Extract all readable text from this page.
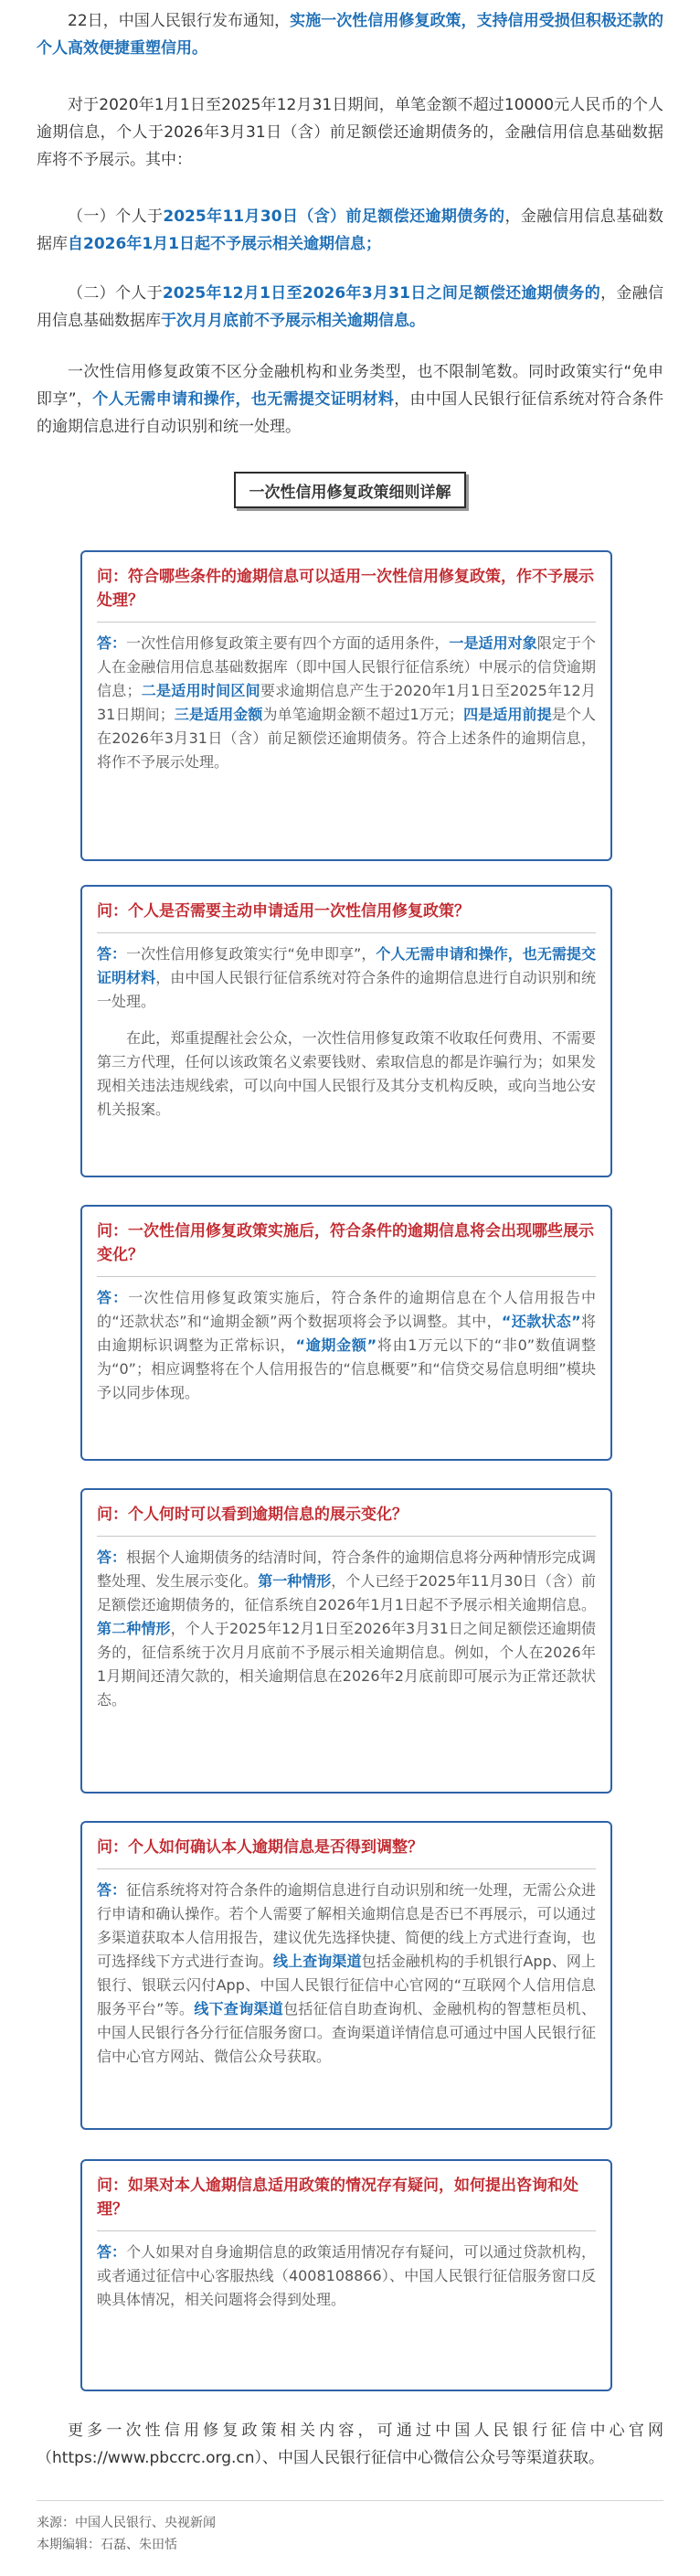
22日，中国人民银行发布通知，实施一次性信用修复政策，支持信用受损但积极还款的个人高效便捷重塑信用。

对于2020年1月1日至2025年12月31日期间，单笔金额不超过10000元人民币的个人逾期信息，个人于2026年3月31日（含）前足额偿还逾期债务的，金融信用信息基础数据库将不予展示。其中：

（一）个人于2025年11月30日（含）前足额偿还逾期债务的，金融信用信息基础数据库自2026年1月1日起不予展示相关逾期信息；

（二）个人于2025年12月1日至2026年3月31日之间足额偿还逾期债务的，金融信用信息基础数据库于次月月底前不予展示相关逾期信息。

一次性信用修复政策不区分金融机构和业务类型，也不限制笔数。同时政策实行“免申即享”，个人无需申请和操作，也无需提交证明材料，由中国人民银行征信系统对符合条件的逾期信息进行自动识别和统一处理。

一次性信用修复政策细则详解

问：符合哪些条件的逾期信息可以适用一次性信用修复政策，作不予展示处理？

答：一次性信用修复政策主要有四个方面的适用条件，一是适用对象限定于个人在金融信用信息基础数据库（即中国人民银行征信系统）中展示的信贷逾期信息；二是适用时间区间要求逾期信息产生于2020年1月1日至2025年12月31日期间；三是适用金额为单笔逾期金额不超过1万元；四是适用前提是个人在2026年3月31日（含）前足额偿还逾期债务。符合上述条件的逾期信息，将作不予展示处理。

问：个人是否需要主动申请适用一次性信用修复政策？

答：一次性信用修复政策实行“免申即享”，个人无需申请和操作，也无需提交证明材料，由中国人民银行征信系统对符合条件的逾期信息进行自动识别和统一处理。

在此，郑重提醒社会公众，一次性信用修复政策不收取任何费用、不需要第三方代理，任何以该政策名义索要钱财、索取信息的都是诈骗行为；如果发现相关违法违规线索，可以向中国人民银行及其分支机构反映，或向当地公安机关报案。

问：一次性信用修复政策实施后，符合条件的逾期信息将会出现哪些展示变化？

答：一次性信用修复政策实施后，符合条件的逾期信息在个人信用报告中的“还款状态”和“逾期金额”两个数据项将会予以调整。其中，“还款状态”将由逾期标识调整为正常标识，“逾期金额”将由1万元以下的“非0”数值调整为“0”；相应调整将在个人信用报告的“信息概要”和“信贷交易信息明细”模块予以同步体现。

问：个人何时可以看到逾期信息的展示变化？

答：根据个人逾期债务的结清时间，符合条件的逾期信息将分两种情形完成调整处理、发生展示变化。第一种情形，个人已经于2025年11月30日（含）前足额偿还逾期债务的，征信系统自2026年1月1日起不予展示相关逾期信息。第二种情形，个人于2025年12月1日至2026年3月31日之间足额偿还逾期债务的，征信系统于次月月底前不予展示相关逾期信息。例如，个人在2026年1月期间还清欠款的，相关逾期信息在2026年2月底前即可展示为正常还款状态。

问：个人如何确认本人逾期信息是否得到调整？

答：征信系统将对符合条件的逾期信息进行自动识别和统一处理，无需公众进行申请和确认操作。若个人需要了解相关逾期信息是否已不再展示，可以通过多渠道获取本人信用报告，建议优先选择快捷、简便的线上方式进行查询，也可选择线下方式进行查询。线上查询渠道包括金融机构的手机银行App、网上银行、银联云闪付App、中国人民银行征信中心官网的“互联网个人信用信息服务平台”等。线下查询渠道包括征信自助查询机、金融机构的智慧柜员机、中国人民银行各分行征信服务窗口。查询渠道详情信息可通过中国人民银行征信中心官方网站、微信公众号获取。

问：如果对本人逾期信息适用政策的情况存有疑问，如何提出咨询和处理？

答：个人如果对自身逾期信息的政策适用情况存有疑问，可以通过贷款机构，或者通过征信中心客服热线（4008108866）、中国人民银行征信服务窗口反映具体情况，相关问题将会得到处理。

更多一次性信用修复政策相关内容，可通过中国人民银行征信中心官网（https://www.pbccrc.org.cn）、中国人民银行征信中心微信公众号等渠道获取。

来源：中国人民银行、央视新闻
本期编辑：石磊、朱田恬
